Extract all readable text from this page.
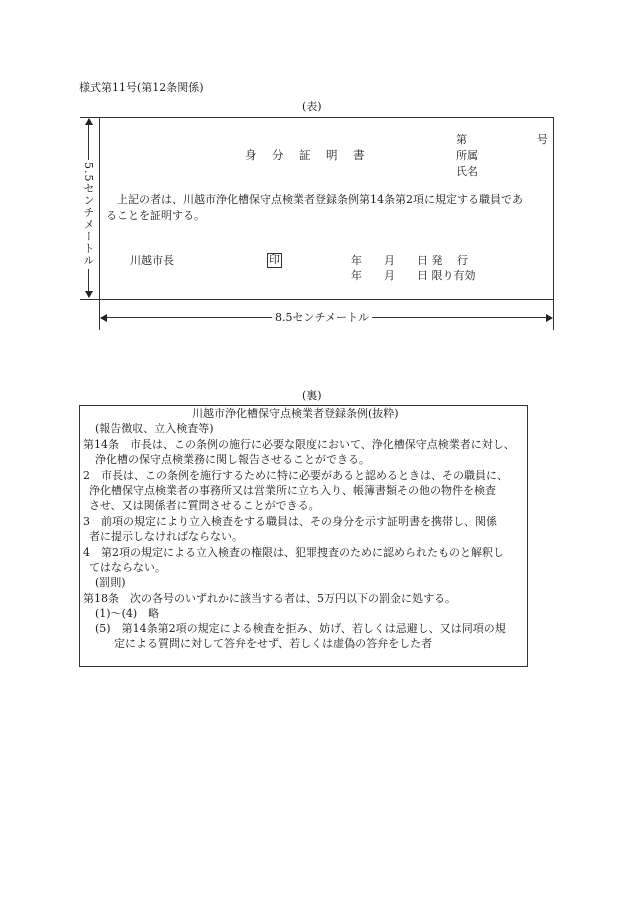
様式第11号(第12条関係)
(表)
5.5センチメートル
8.5センチメートル
身　分　証　明　書
第	号
所属
氏名
上記の者は、川越市浄化槽保守点検業者登録条例第14条第2項に規定する職員であ
ることを証明する。
川越市長	印	年　　月　　日 発　 行
年　　月　　日 限り有効
(裏)
川越市浄化槽保守点検業者登録条例(抜粋)
(報告徴収、立入検査等)
第14条　市長は、この条例の施行に必要な限度において、浄化槽保守点検業者に対し、
浄化槽の保守点検業務に関し報告させることができる。
2　市長は、この条例を施行するために特に必要があると認めるときは、その職員に、
浄化槽保守点検業者の事務所又は営業所に立ち入り、帳簿書類その他の物件を検査
させ、又は関係者に質問させることができる。
3　前項の規定により立入検査をする職員は、その身分を示す証明書を携帯し、関係
者に提示しなければならない。
4　第2項の規定による立入検査の権限は、犯罪捜査のために認められたものと解釈し
てはならない。
(罰則)
第18条　次の各号のいずれかに該当する者は、5万円以下の罰金に処する。
(1)～(4)　略
(5)　第14条第2項の規定による検査を拒み、妨げ、若しくは忌避し、又は同項の規
定による質問に対して答弁をせず、若しくは虚偽の答弁をした者
